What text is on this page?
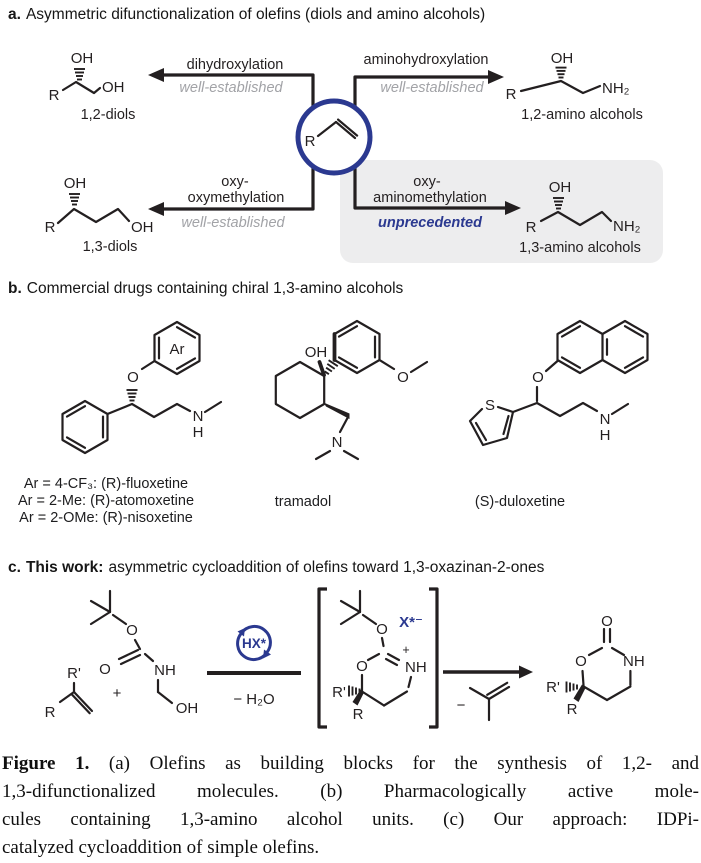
a. Asymmetric difunctionalization of olefins (diols and amino alcohols)
R
dihydroxylation
well-established
aminohydroxylation
well-established
oxy-
oxymethylation
well-established
oxy-
aminomethylation
unprecedented
OH
R	OH
1,2-diols
OH
R	NH₂
1,2-amino alcohols
OH
R	OH
1,3-diols
OH
R	NH₂
1,3-amino alcohols
b. Commercial drugs containing chiral 1,3-amino alcohols
Ar
O
N
H
OH
O
N
S
O
N
H
Ar = 4-CF₃: (R)-fluoxetine
Ar = 2-Me: (R)-atomoxetine
Ar = 2-OMe: (R)-nisoxetine
tramadol	(S)-duloxetine
c. This work: asymmetric cycloaddition of olefins toward 1,3-oxazinan-2-ones
R'
R
+
O
O	NH
OH
HX*
− H₂O
O X*⁻
O
+
NH
R'
R
−
O
O NH
R'
R
Figure 1. (a) Olefins as building blocks for the synthesis of 1,2- and
1,3-difunctionalized molecules. (b) Pharmacologically active mole-
cules containing 1,3-amino alcohol units. (c) Our approach: IDPi-
catalyzed cycloaddition of simple olefins.
